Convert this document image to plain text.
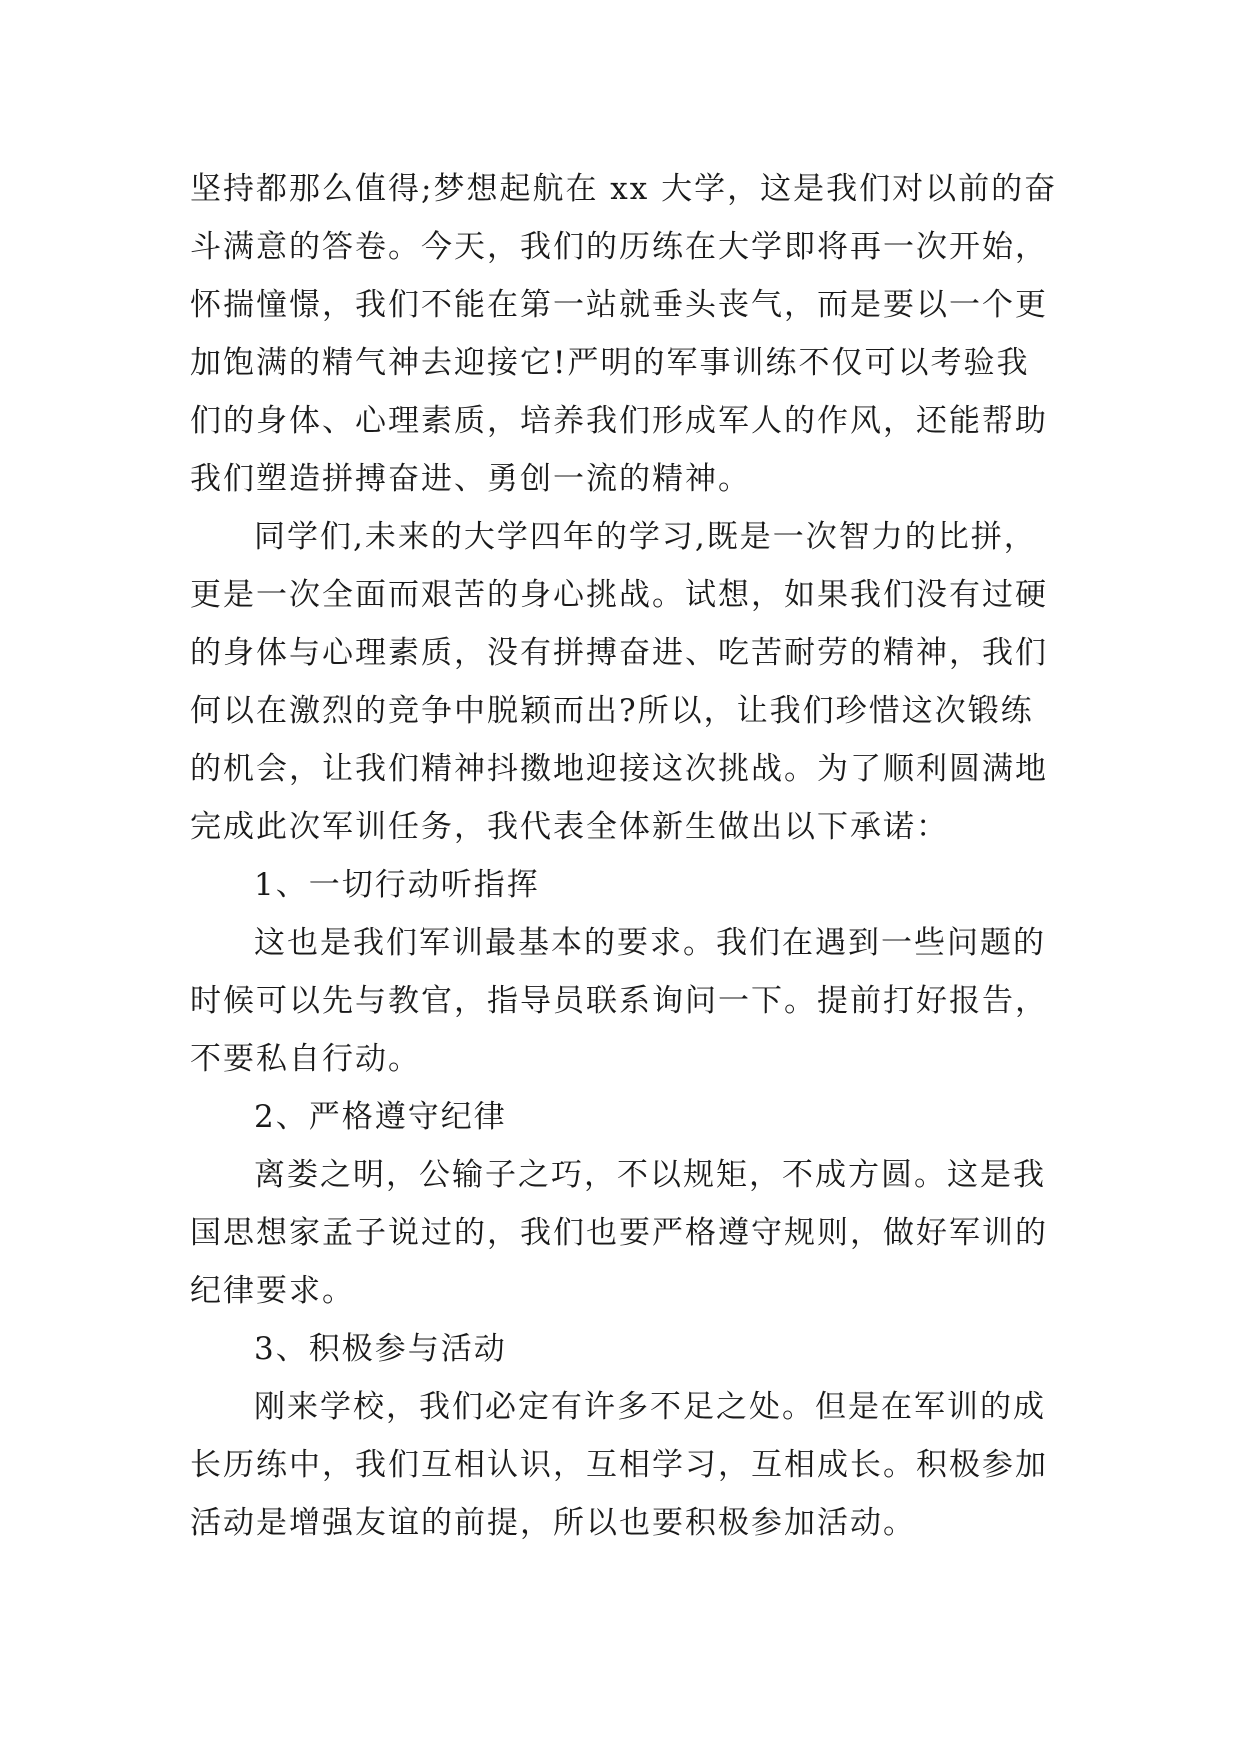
坚持都那么值得;梦想起航在 xx 大学，这是我们对以前的奋
斗满意的答卷。今天，我们的历练在大学即将再一次开始，
怀揣憧憬，我们不能在第一站就垂头丧气，而是要以一个更
加饱满的精气神去迎接它!严明的军事训练不仅可以考验我
们的身体、心理素质，培养我们形成军人的作风，还能帮助
我们塑造拼搏奋进、勇创一流的精神。
同学们,未来的大学四年的学习,既是一次智力的比拼，
更是一次全面而艰苦的身心挑战。试想，如果我们没有过硬
的身体与心理素质，没有拼搏奋进、吃苦耐劳的精神，我们
何以在激烈的竞争中脱颖而出?所以，让我们珍惜这次锻练
的机会，让我们精神抖擞地迎接这次挑战。为了顺利圆满地
完成此次军训任务，我代表全体新生做出以下承诺：
1、一切行动听指挥
这也是我们军训最基本的要求。我们在遇到一些问题的
时候可以先与教官，指导员联系询问一下。提前打好报告，
不要私自行动。
2、严格遵守纪律
离娄之明，公输子之巧，不以规矩，不成方圆。这是我
国思想家孟子说过的，我们也要严格遵守规则，做好军训的
纪律要求。
3、积极参与活动
刚来学校，我们必定有许多不足之处。但是在军训的成
长历练中，我们互相认识，互相学习，互相成长。积极参加
活动是增强友谊的前提，所以也要积极参加活动。
